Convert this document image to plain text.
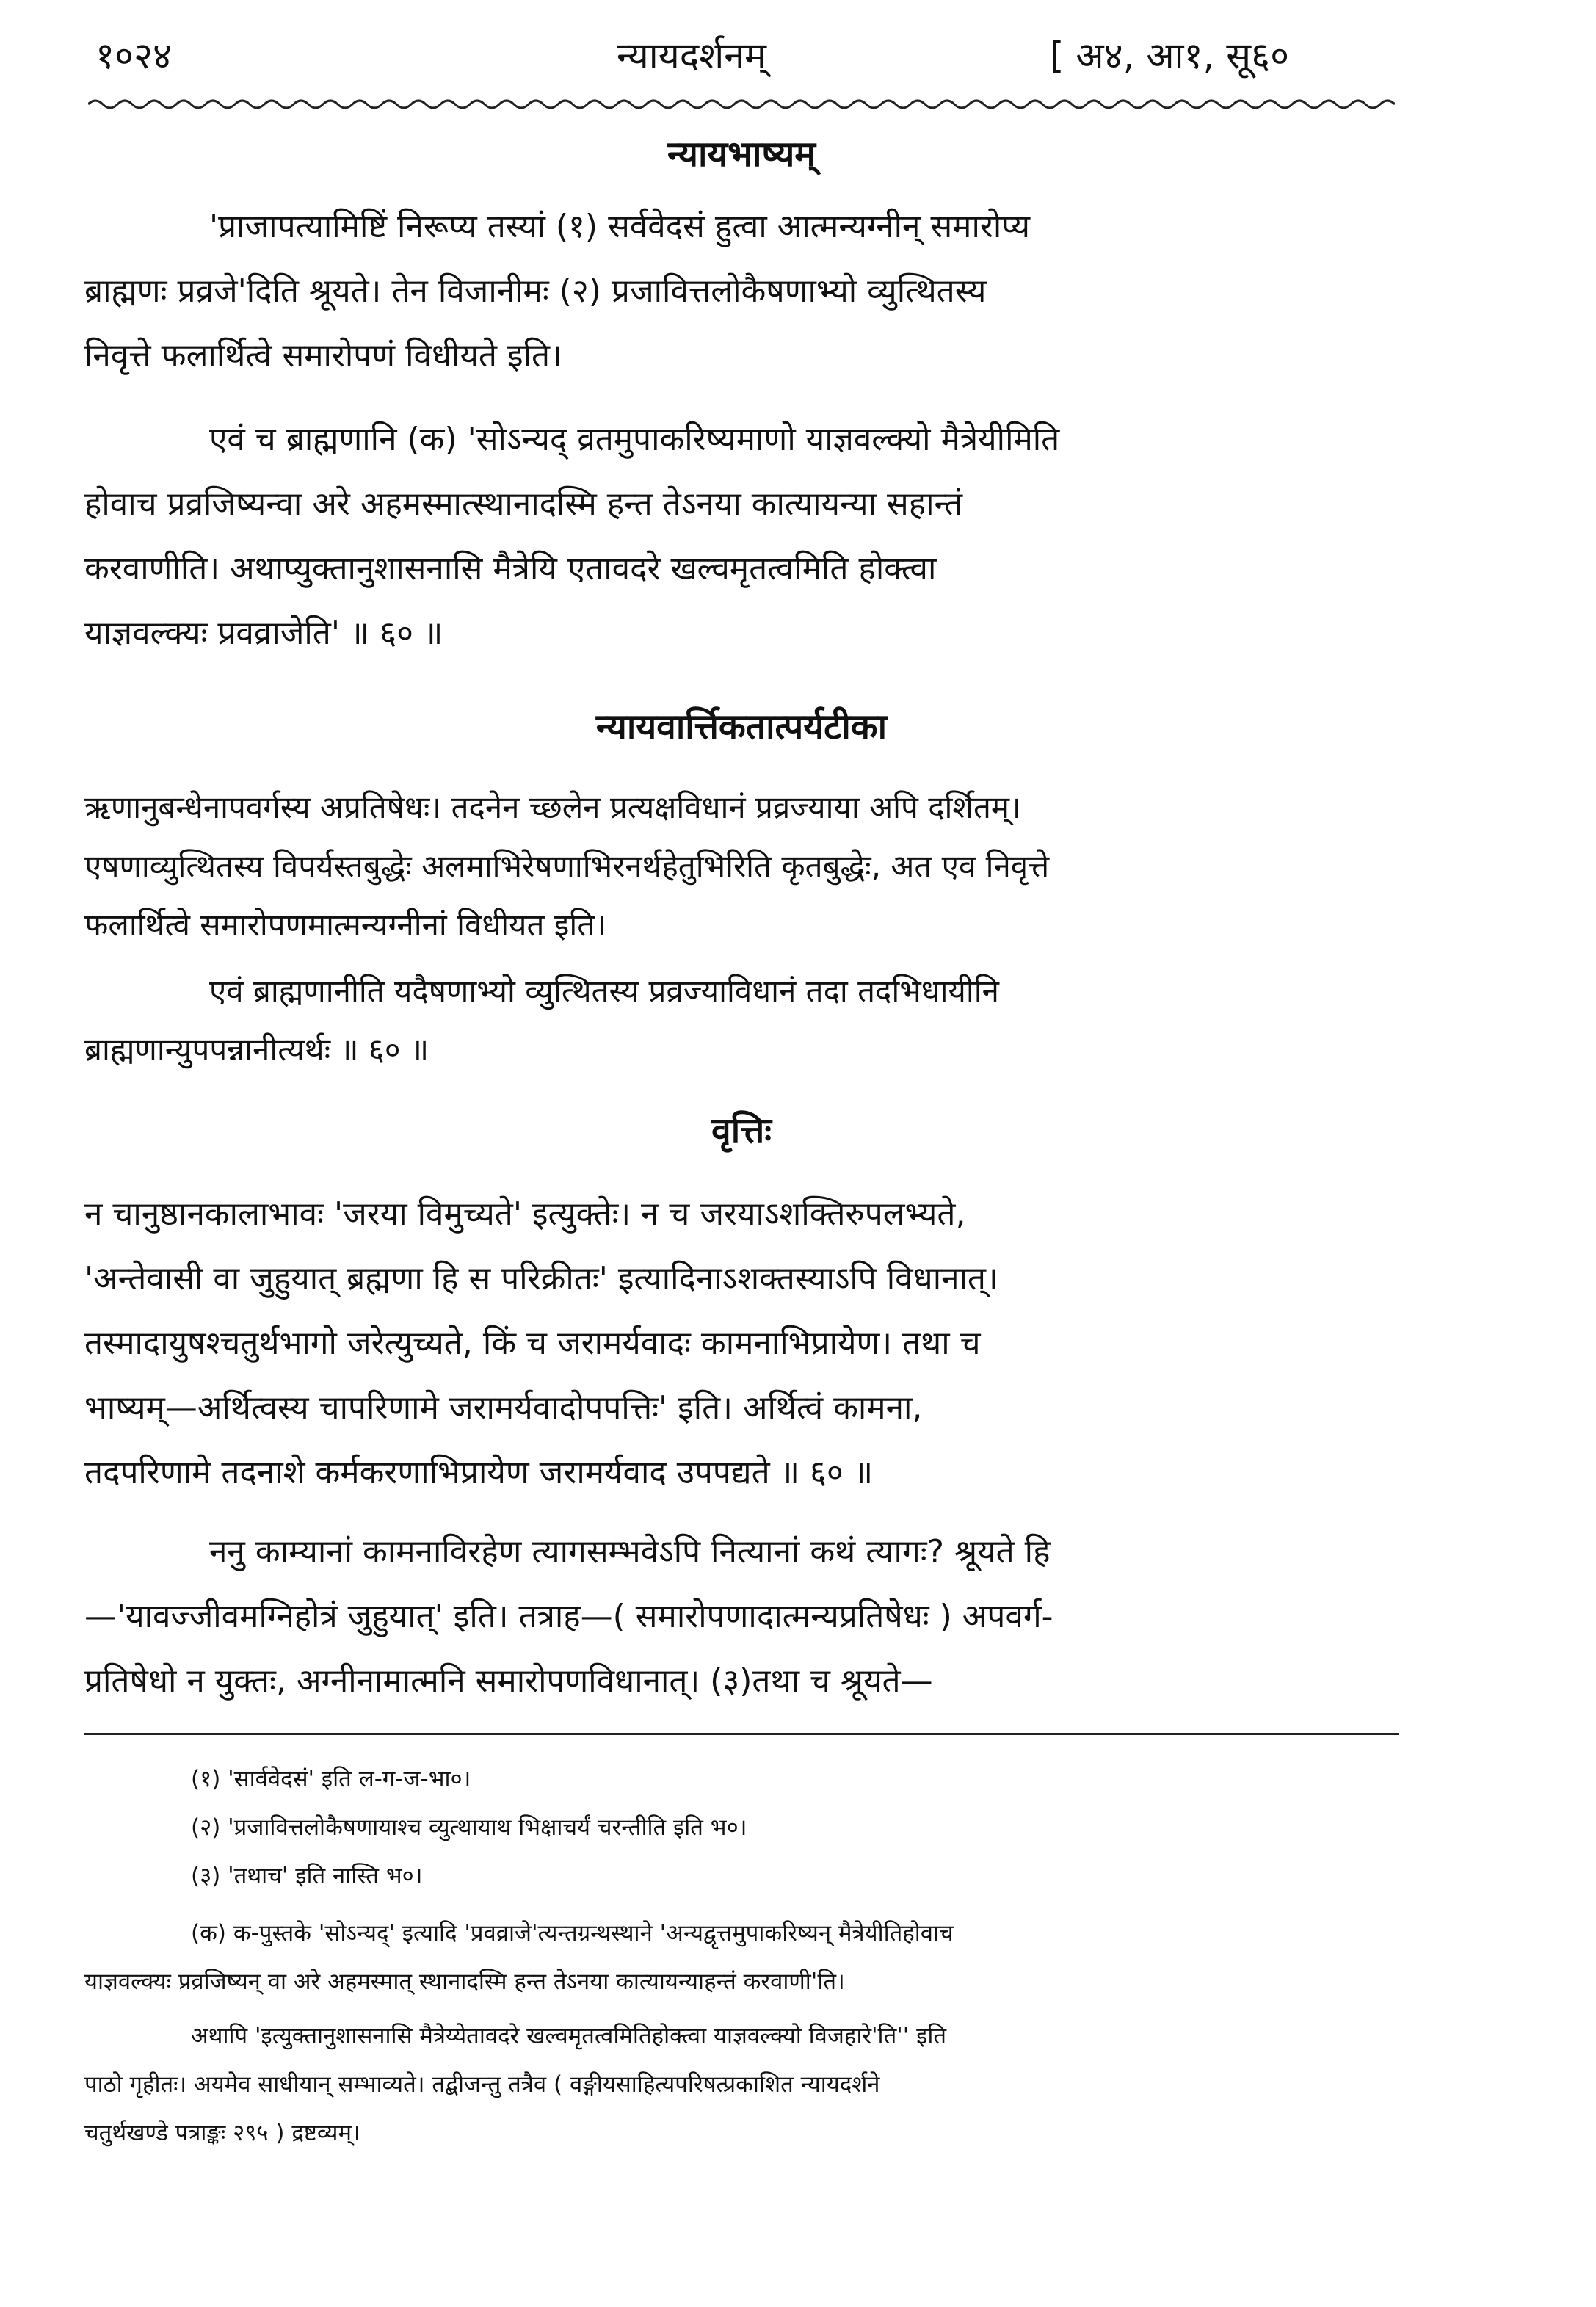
१०२४	न्यायदर्शनम्	[ अ४, आ१, सू६०
न्यायभाष्यम्
'प्राजापत्यामिष्टिं निरूप्य तस्यां (१) सर्ववेदसं हुत्वा आत्मन्यग्नीन् समारोप्य
ब्राह्मणः प्रव्रजे'दिति श्रूयते। तेन विजानीमः (२) प्रजावित्तलोकैषणाभ्यो व्युत्थितस्य
निवृत्ते फलार्थित्वे समारोपणं विधीयते इति।
एवं च ब्राह्मणानि (क) 'सोऽन्यद् व्रतमुपाकरिष्यमाणो याज्ञवल्क्यो मैत्रेयीमिति
होवाच प्रव्रजिष्यन्वा अरे अहमस्मात्स्थानादस्मि हन्त तेऽनया कात्यायन्या सहान्तं
करवाणीति। अथाप्युक्तानुशासनासि मैत्रेयि एतावदरे खल्वमृतत्वमिति होक्त्वा
याज्ञवल्क्यः प्रवव्राजेति' ॥ ६० ॥
न्यायवार्त्तिकतात्पर्यटीका
ऋणानुबन्धेनापवर्गस्य अप्रतिषेधः। तदनेन च्छलेन प्रत्यक्षविधानं प्रव्रज्याया अपि दर्शितम्।
एषणाव्युत्थितस्य विपर्यस्तबुद्धेः अलमाभिरेषणाभिरनर्थहेतुभिरिति कृतबुद्धेः, अत एव निवृत्ते
फलार्थित्वे समारोपणमात्मन्यग्नीनां विधीयत इति।
एवं ब्राह्मणानीति यदैषणाभ्यो व्युत्थितस्य प्रव्रज्याविधानं तदा तदभिधायीनि
ब्राह्मणान्युपपन्नानीत्यर्थः ॥ ६० ॥
वृत्तिः
न चानुष्ठानकालाभावः 'जरया विमुच्यते' इत्युक्तेः। न च जरयाऽशक्तिरुपलभ्यते,
'अन्तेवासी वा जुहुयात् ब्रह्मणा हि स परिक्रीतः' इत्यादिनाऽशक्तस्याऽपि विधानात्।
तस्मादायुषश्चतुर्थभागो जरेत्युच्यते, किं च जरामर्यवादः कामनाभिप्रायेण। तथा च
भाष्यम्—अर्थित्वस्य चापरिणामे जरामर्यवादोपपत्तिः' इति। अर्थित्वं कामना,
तदपरिणामे तदनाशे कर्मकरणाभिप्रायेण जरामर्यवाद उपपद्यते ॥ ६० ॥
ननु काम्यानां कामनाविरहेण त्यागसम्भवेऽपि नित्यानां कथं त्यागः? श्रूयते हि
—'यावज्जीवमग्निहोत्रं जुहुयात्' इति। तत्राह—( समारोपणादात्मन्यप्रतिषेधः ) अपवर्ग-
प्रतिषेधो न युक्तः, अग्नीनामात्मनि समारोपणविधानात्। (३)तथा च श्रूयते—
(१) 'सार्ववेदसं' इति ल-ग-ज-भा०।
(२) 'प्रजावित्तलोकैषणायाश्च व्युत्थायाथ भिक्षाचर्यं चरन्तीति इति भ०।
(३) 'तथाच' इति नास्ति भ०।
(क) क-पुस्तके 'सोऽन्यद्' इत्यादि 'प्रवव्राजे'त्यन्तग्रन्थस्थाने 'अन्यद्वृत्तमुपाकरिष्यन् मैत्रेयीतिहोवाच
याज्ञवल्क्यः प्रव्रजिष्यन् वा अरे अहमस्मात् स्थानादस्मि हन्त तेऽनया कात्यायन्याहन्तं करवाणी'ति।
अथापि 'इत्युक्तानुशासनासि मैत्रेय्येतावदरे खल्वमृतत्वमितिहोक्त्वा याज्ञवल्क्यो विजहारे'ति'' इति
पाठो गृहीतः। अयमेव साधीयान् सम्भाव्यते। तद्बीजन्तु तत्रैव ( वङ्गीयसाहित्यपरिषत्प्रकाशित न्यायदर्शने
चतुर्थखण्डे पत्राङ्कः २९५ ) द्रष्टव्यम्।
